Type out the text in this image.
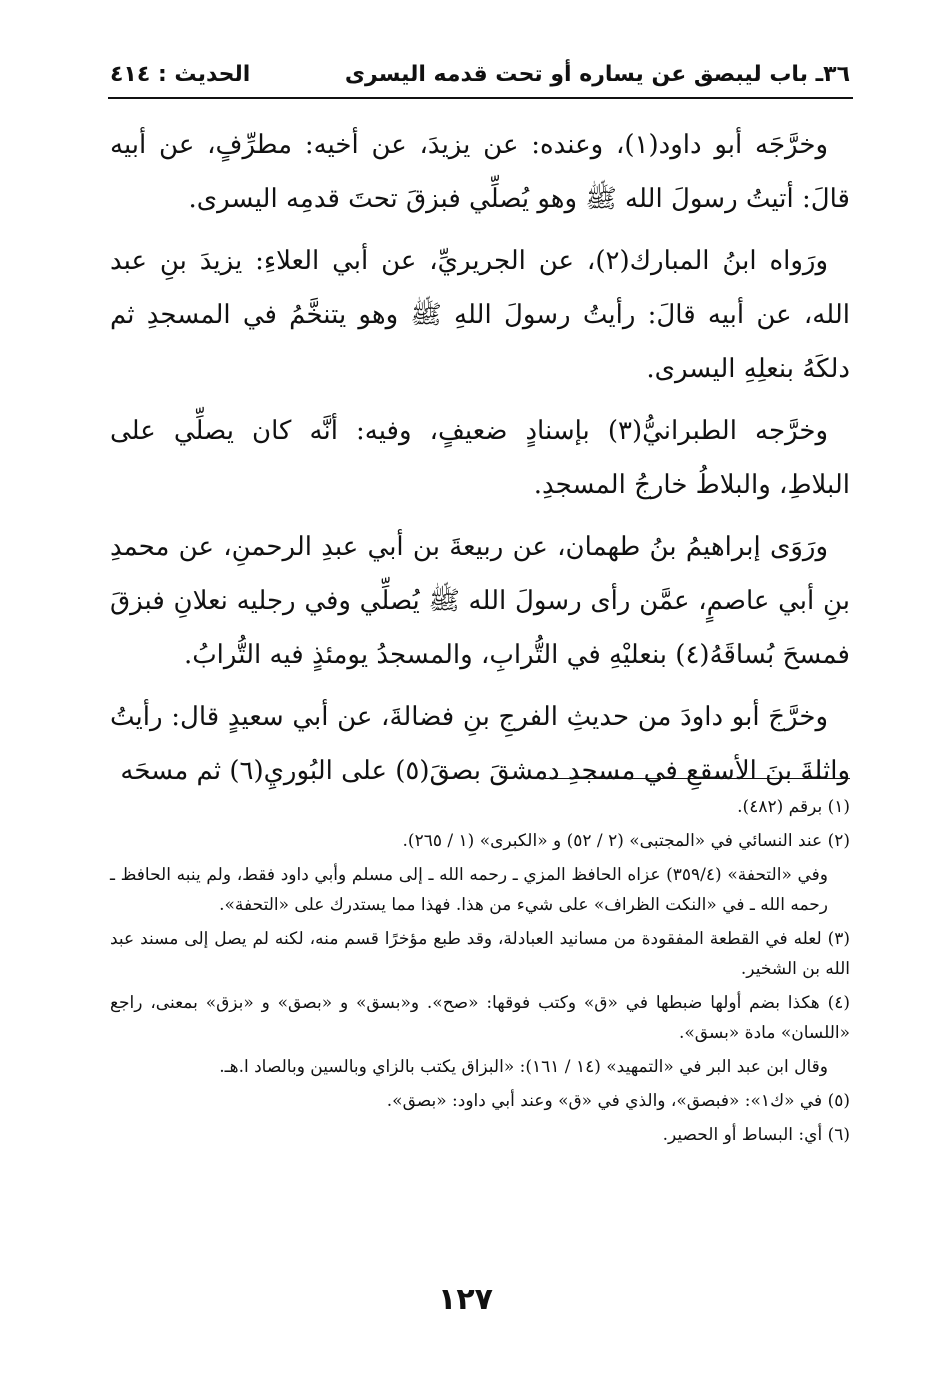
٣٦ـ باب ليبصق عن يساره أو تحت قدمه اليسرى
الحديث : ٤١٤

وخرَّجَه أبو داود(١)، وعنده: عن يزيدَ، عن أخيه: مطرِّفٍ، عن أبيه قالَ: أتيتُ رسولَ الله ﷺ وهو يُصلِّي فبزقَ تحتَ قدمِه اليسرى.

ورَواه ابنُ المبارك(٢)، عن الجريريِّ، عن أبي العلاءِ: يزيدَ بنِ عبد الله، عن أبيه قالَ: رأيتُ رسولَ اللهِ ﷺ وهو يتنخَّمُ في المسجدِ ثم دلكَهُ بنعلِهِ اليسرى.

وخرَّجه الطبرانيُّ(٣) بإسنادٍ ضعيفٍ، وفيه: أنَّه كان يصلِّي على البلاطِ، والبلاطُ خارجُ المسجدِ.

ورَوَى إبراهيمُ بنُ طهمان، عن ربيعةَ بن أبي عبدِ الرحمنِ، عن محمدِ بنِ أبي عاصمٍ، عمَّن رأى رسولَ الله ﷺ يُصلِّي وفي رجليه نعلانِ فبزقَ فمسحَ بُساقَهُ(٤) بنعليْهِ في التُّرابِ، والمسجدُ يومئذٍ فيه التُّرابُ.

وخرَّجَ أبو داودَ من حديثِ الفرجِ بنِ فضالةَ، عن أبي سعيدٍ قال: رأيتُ واثلةَ بنَ الأسقعِ في مسجدِ دمشقَ بصقَ(٥) على البُوريِ(٦) ثم مسحَه

(١) برقم (٤٨٢).

(٢) عند النسائي في «المجتبى» (٢ / ٥٢) و «الكبرى» (١ / ٢٦٥).

وفي «التحفة» (٣٥٩/٤) عزاه الحافظ المزي ـ رحمه الله ـ إلى مسلم وأبي داود فقط، ولم ينبه الحافظ ـ رحمه الله ـ في «النكت الظراف» على شيء من هذا. فهذا مما يستدرك على «التحفة».

(٣) لعله في القطعة المفقودة من مسانيد العبادلة، وقد طبع مؤخرًا قسم منه، لكنه لم يصل إلى مسند عبد الله بن الشخير.

(٤) هكذا بضم أولها ضبطها في «ق» وكتب فوقها: «صح». و«بسق» و «بصق» و «بزق» بمعنى، راجع «اللسان» مادة «بسق».

وقال ابن عبد البر في «التمهيد» (١٤ / ١٦١): «البزاق يكتب بالزاي وبالسين وبالصاد ا.هـ.

(٥) في «ك١»: «فبصق»، والذي في «ق» وعند أبي داود: «بصق».

(٦) أي: البساط أو الحصير.

١٢٧
